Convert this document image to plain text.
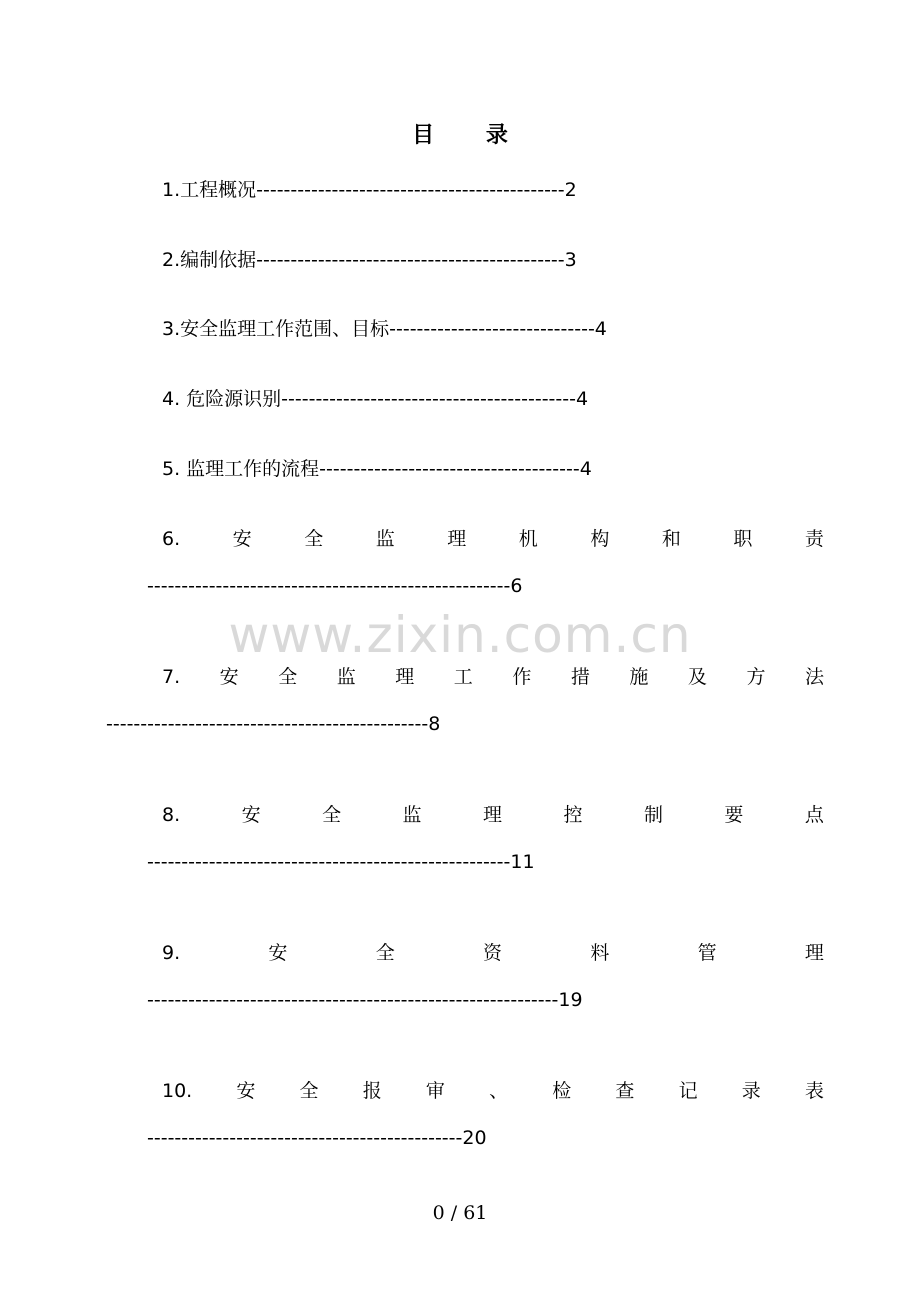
目 录
1.工程概况---------------------------------------------2
2.编制依据---------------------------------------------3
3.安全监理工作范围、目标------------------------------4
4. 危险源识别-------------------------------------------4
5. 监理工作的流程--------------------------------------4
6.	安	全	监	理	机	构	和	职	责
-----------------------------------------------------6
www.zixin.com.cn
7. 安 全 监 理 工 作 措 施 及 方 法
-----------------------------------------------8
8.	安	全	监	理	控	制	要	点
-----------------------------------------------------11
9.	安	全	资	料	管	理
------------------------------------------------------------19
10. 安 全 报 审 、 检 查 记 录 表
----------------------------------------------20
0 / 61
